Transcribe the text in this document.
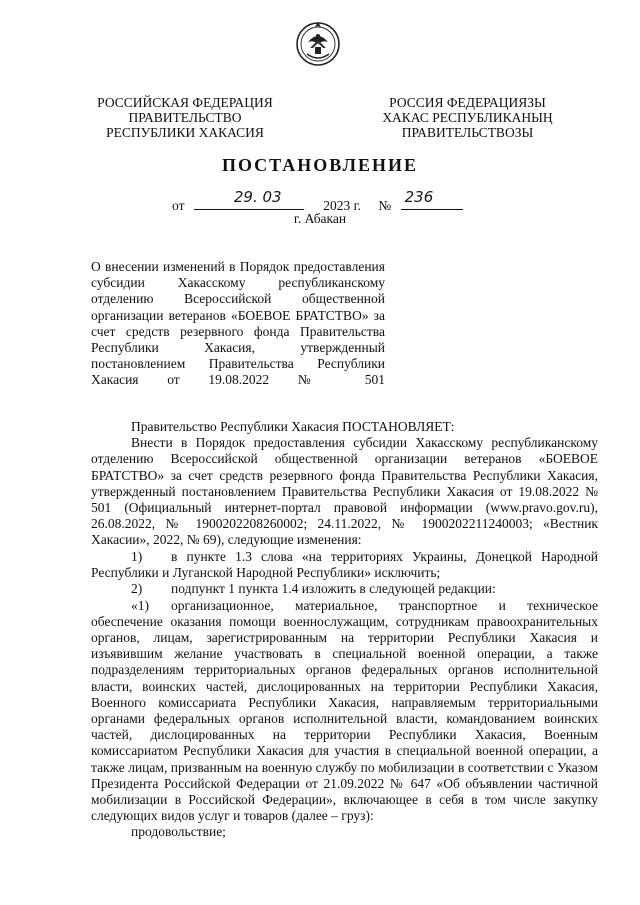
РОССИЙСКАЯ ФЕДЕРАЦИЯ
ПРАВИТЕЛЬСТВО
РЕСПУБЛИКИ ХАКАСИЯ
РОССИЯ ФЕДЕРАЦИЯЗЫ
ХАКАС РЕСПУБЛИКАНЫҢ
ПРАВИТЕЛЬСТВОЗЫ
ПОСТАНОВЛЕНИЕ
от	29. 03	2023 г. № 236
г. Абакан
О внесении изменений в Порядок предоставления субсидии Хакасскому республиканскому отделению Всероссийской общественной организации ветеранов «БОЕВОЕ БРАТСТВО» за счет средств резервного фонда Правительства Республики Хакасия, утвержденный постановлением Правительства Республики Хакасия от 19.08.2022 № 501

Правительство Республики Хакасия ПОСТАНОВЛЯЕТ:

Внести в Порядок предоставления субсидии Хакасскому республиканскому отделению Всероссийской общественной организации ветеранов «БОЕВОЕ БРАТСТВО» за счет средств резервного фонда Правительства Республики Хакасия, утвержденный постановлением Правительства Республики Хакасия от 19.08.2022 № 501 (Официальный интернет-портал правовой информации (www.pravo.gov.ru), 26.08.2022, № 1900202208260002; 24.11.2022, № 1900202211240003; «Вестник Хакасии», 2022, № 69), следующие изменения:

1) в пункте 1.3 слова «на территориях Украины, Донецкой Народной Республики и Луганской Народной Республики» исключить;

2) подпункт 1 пункта 1.4 изложить в следующей редакции:

«1) организационное, материальное, транспортное и техническое обеспечение оказания помощи военнослужащим, сотрудникам правоохранительных органов, лицам, зарегистрированным на территории Республики Хакасия и изъявившим желание участвовать в специальной военной операции, а также подразделениям территориальных органов федеральных органов исполнительной власти, воинских частей, дислоцированных на территории Республики Хакасия, Военного комиссариата Республики Хакасия, направляемым территориальными органами федеральных органов исполнительной власти, командованием воинских частей, дислоцированных на территории Республики Хакасия, Военным комиссариатом Республики Хакасия для участия в специальной военной операции, а также лицам, призванным на военную службу по мобилизации в соответствии с Указом Президента Российской Федерации от 21.09.2022 № 647 «Об объявлении частичной мобилизации в Российской Федерации», включающее в себя в том числе закупку следующих видов услуг и товаров (далее – груз):

продовольствие;
